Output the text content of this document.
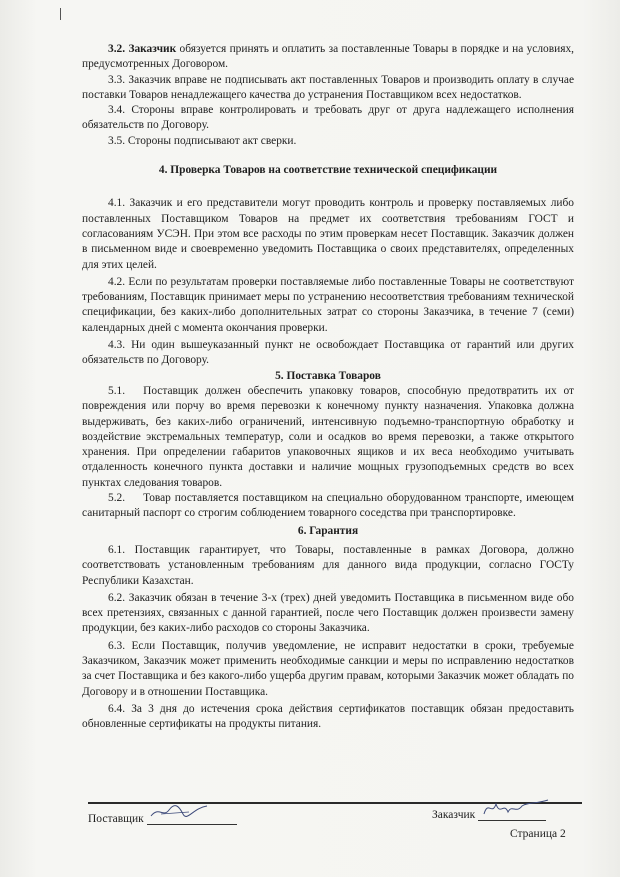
3.2. Заказчик обязуется принять и оплатить за поставленные Товары в порядке и на условиях, предусмотренных Договором.

3.3. Заказчик вправе не подписывать акт поставленных Товаров и производить оплату в случае поставки Товаров ненадлежащего качества до устранения Поставщиком всех недостатков.

3.4. Стороны вправе контролировать и требовать друг от друга надлежащего исполнения обязательств по Договору.

3.5. Стороны подписывают акт сверки.

4. Проверка Товаров на соответствие технической спецификации

4.1. Заказчик и его представители могут проводить контроль и проверку поставляемых либо поставленных Поставщиком Товаров на предмет их соответствия требованиям ГОСТ и согласованиям УСЭН. При этом все расходы по этим проверкам несет Поставщик. Заказчик должен в письменном виде и своевременно уведомить Поставщика о своих представителях, определенных для этих целей.

4.2. Если по результатам проверки поставляемые либо поставленные Товары не соответствуют требованиям, Поставщик принимает меры по устранению несоответствия требованиям технической спецификации, без каких-либо дополнительных затрат со стороны Заказчика, в течение 7 (семи) календарных дней с момента окончания проверки.

4.3. Ни один вышеуказанный пункт не освобождает Поставщика от гарантий или других обязательств по Договору.

5. Поставка Товаров

5.1. Поставщик должен обеспечить упаковку товаров, способную предотвратить их от повреждения или порчу во время перевозки к конечному пункту назначения. Упаковка должна выдерживать, без каких-либо ограничений, интенсивную подъемно-транспортную обработку и воздействие экстремальных температур, соли и осадков во время перевозки, а также открытого хранения. При определении габаритов упаковочных ящиков и их веса необходимо учитывать отдаленность конечного пункта доставки и наличие мощных грузоподъемных средств во всех пунктах следования товаров.

5.2. Товар поставляется поставщиком на специально оборудованном транспорте, имеющем санитарный паспорт со строгим соблюдением товарного соседства при транспортировке.

6. Гарантия

6.1. Поставщик гарантирует, что Товары, поставленные в рамках Договора, должно соответствовать установленным требованиям для данного вида продукции, согласно ГОСТу Республики Казахстан.

6.2. Заказчик обязан в течение 3-х (трех) дней уведомить Поставщика в письменном виде обо всех претензиях, связанных с данной гарантией, после чего Поставщик должен произвести замену продукции, без каких-либо расходов со стороны Заказчика.

6.3. Если Поставщик, получив уведомление, не исправит недостатки в сроки, требуемые Заказчиком, Заказчик может применить необходимые санкции и меры по исправлению недостатков за счет Поставщика и без какого-либо ущерба другим правам, которыми Заказчик может обладать по Договору и в отношении Поставщика.

6.4. За 3 дня до истечения срока действия сертификатов поставщик обязан предоставить обновленные сертификаты на продукты питания.

Поставщик	Заказчик
Страница 2
